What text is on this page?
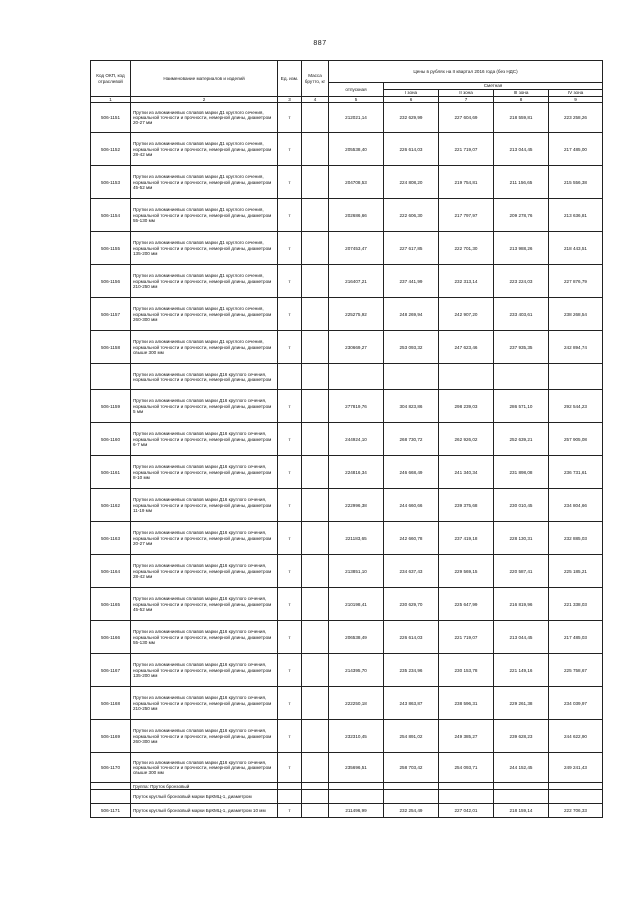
887
Код ОКП, код отраслевой	Наименование материалов и изделий	Ед. изм.	Масса брутто, кг	Цены в рублях на II квартал 2016 года (без НДС)				
				отпускная	Сметная			
					I зона	II зона	III зона	IV зона
1	2	3	4	5	6	7	8	9
506-1151	Прутки из алюминиевых сплавов марки Д1 круглого сечения, нормальной точности и прочности, немерной длины, диаметром 20-27 мм	т		212021,14	232 629,99	227 604,69	218 559,81	223 258,26
506-1152	Прутки из алюминиевых сплавов марки Д1 круглого сечения, нормальной точности и прочности, немерной длины, диаметром 28-42 мм	т		205538,40	226 614,03	221 719,07	213 044,45	217 485,00
506-1153	Прутки из алюминиевых сплавов марки Д1 круглого сечения, нормальной точности и прочности, немерной длины, диаметром 45-52 мм	т		204708,53	224 808,20	219 754,81	211 156,65	215 556,38
506-1154	Прутки из алюминиевых сплавов марки Д1 круглого сечения, нормальной точности и прочности, немерной длины, диаметром 55-130 мм	т		202686,66	222 606,30	217 797,97	209 278,76	213 636,81
506-1155	Прутки из алюминиевых сплавов марки Д1 круглого сечения, нормальной точности и прочности, немерной длины, диаметром 135-200 мм	т		207453,47	227 617,85	222 701,30	213 988,26	218 443,51
506-1156	Прутки из алюминиевых сплавов марки Д1 круглого сечения, нормальной точности и прочности, немерной длины, диаметром 210-250 мм	т		216407,21	237 441,99	232 313,14	223 224,03	227 876,79
506-1157	Прутки из алюминиевых сплавов марки Д1 круглого сечения, нормальной точности и прочности, немерной длины, диаметром 260-300 мм	т		225275,92	248 269,94	242 907,20	233 403,61	238 268,54
506-1158	Прутки из алюминиевых сплавов марки Д1 круглого сечения, нормальной точности и прочности, немерной длины, диаметром свыше 300 мм	т		230669,27	253 093,32	247 623,46	237 935,35	242 894,74
	Прутки из алюминиевых сплавов марки Д16 круглого сечения, нормальной точности и прочности, немерной длины, диаметром							
506-1159	Прутки из алюминиевых сплавов марки Д16 круглого сечения, нормальной точности и прочности, немерной длины, диаметром 5 мм	т		277819,76	304 823,86	298 239,03	286 571,10	292 544,23
506-1160	Прутки из алюминиевых сплавов марки Д16 круглого сечения, нормальной точности и прочности, немерной длины, диаметром 6-7 мм	т		244924,10	268 730,72	262 926,02	252 639,21	257 905,08
506-1161	Прутки из алюминиевых сплавов марки Д16 круглого сечения, нормальной точности и прочности, немерной длины, диаметром 8-10 мм	т		224816,34	246 668,49	241 340,34	231 898,08	236 731,61
506-1162	Прутки из алюминиевых сплавов марки Д16 круглого сечения, нормальной точности и прочности, немерной длины, диаметром 11-19 мм	т		222996,38	244 660,66	239 375,68	230 010,45	234 804,66
506-1163	Прутки из алюминиевых сплавов марки Д16 круглого сечения, нормальной точности и прочности, немерной длины, диаметром 20-27 мм	т		221183,65	242 660,78	237 419,18	228 130,31	232 885,03
506-1164	Прутки из алюминиевых сплавов марки Д16 круглого сечения, нормальной точности и прочности, немерной длины, диаметром 28-42 мм	т		213851,10	234 637,43	229 569,15	220 587,41	225 185,21
506-1165	Прутки из алюминиевых сплавов марки Д16 круглого сечения, нормальной точности и прочности, немерной длины, диаметром 45-52 мм	т		210198,41	230 629,70	225 647,99	216 819,96	221 338,03
506-1166	Прутки из алюминиевых сплавов марки Д16 круглого сечения, нормальной точности и прочности, немерной длины, диаметром 55-130 мм	т		206538,49	226 614,03	221 719,07	213 044,45	217 485,03
506-1167	Прутки из алюминиевых сплавов марки Д16 круглого сечения, нормальной точности и прочности, немерной длины, диаметром 135-200 мм	т		214395,70	235 234,96	230 153,78	221 149,16	225 758,67
506-1168	Прутки из алюминиевых сплавов марки Д16 круглого сечения, нормальной точности и прочности, немерной длины, диаметром 210-250 мм	т		222250,18	243 863,87	238 596,31	229 261,38	234 039,97
506-1169	Прутки из алюминиевых сплавов марки Д16 круглого сечения, нормальной точности и прочности, немерной длины, диаметром 260-300 мм	т		232310,45	254 891,02	249 385,27	239 628,23	244 622,90
506-1170	Прутки из алюминиевых сплавов марки Д16 круглого сечения, нормальной точности и прочности, немерной длины, диаметром свыше 300 мм	т		235696,51	258 703,42	254 093,71	244 152,45	249 241,43
	Группа: Пруток бронзовый							
	Пруток круглый бронзовый марки БрКМЦ-1, диаметром							
506-1171	Пруток круглый бронзовый марки БрКМЦ-1, диаметром 10 мм	т		211496,99	232 254,49	227 042,01	218 159,14	222 706,33
